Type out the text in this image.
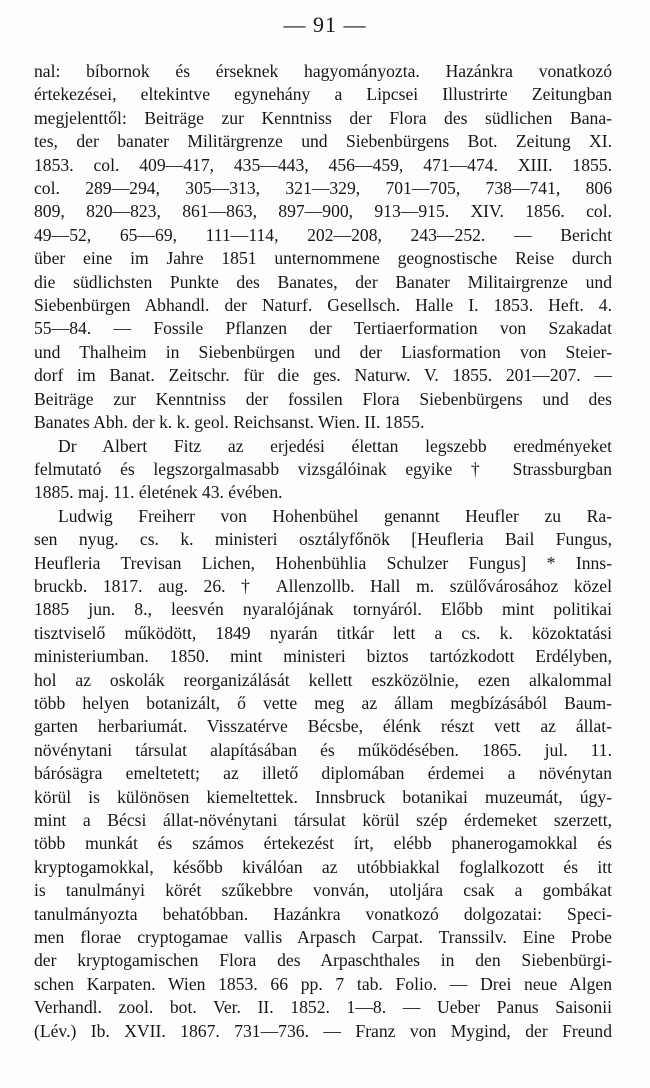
— 91 —
nal: bíbornok és érseknek hagyományozta. Hazánkra vonatkozó
értekezései, eltekintve egynehány a Lipcsei Illustrirte Zeitungban
megjelenttől: Beiträge zur Kenntniss der Flora des südlichen Bana-
tes, der banater Militärgrenze und Siebenbürgens Bot. Zeitung XI.
1853. col. 409—417, 435—443, 456—459, 471—474. XIII. 1855.
col. 289—294, 305—313, 321—329, 701—705, 738—741, 806
809, 820—823, 861—863, 897—900, 913—915. XIV. 1856. col.
49—52, 65—69, 111—114, 202—208, 243—252. — Bericht
über eine im Jahre 1851 unternommene geognostische Reise durch
die südlichsten Punkte des Banates, der Banater Militairgrenze und
Siebenbürgen Abhandl. der Naturf. Gesellsch. Halle I. 1853. Heft. 4.
55—84. — Fossile Pflanzen der Tertiaerformation von Szakadat
und Thalheim in Siebenbürgen und der Liasformation von Steier-
dorf im Banat. Zeitschr. für die ges. Naturw. V. 1855. 201—207. —
Beiträge zur Kenntniss der fossilen Flora Siebenbürgens und des
Banates Abh. der k. k. geol. Reichsanst. Wien. II. 1855.
Dr Albert Fitz az erjedési élettan legszebb eredményeket
felmutató és legszorgalmasabb vizsgálóinak egyike † Strassburgban
1885. maj. 11. életének 43. évében.
Ludwig Freiherr von Hohenbühel genannt Heufler zu Ra-
sen nyug. cs. k. ministeri osztályfőnök [Heufleria Bail Fungus,
Heufleria Trevisan Lichen, Hohenbühlia Schulzer Fungus] * Inns-
bruckb. 1817. aug. 26. † Allenzollb. Hall m. szülővárosához közel
1885 jun. 8., leesvén nyaralójának tornyáról. Előbb mint politikai
tisztviselő működött, 1849 nyarán titkár lett a cs. k. közoktatási
ministeriumban. 1850. mint ministeri biztos tartózkodott Erdélyben,
hol az oskolák reorganizálását kellett eszközölnie, ezen alkalommal
több helyen botanizált, ő vette meg az állam megbízásából Baum-
garten herbariumát. Visszatérve Bécsbe, élénk részt vett az állat-
növénytani társulat alapításában és működésében. 1865. jul. 11.
bárósägra emeltetett; az illető diplomában érdemei a növénytan
körül is különösen kiemeltettek. Innsbruck botanikai muzeumát, úgy-
mint a Bécsi állat-növénytani társulat körül szép érdemeket szerzett,
több munkát és számos értekezést írt, elébb phanerogamokkal és
kryptogamokkal, később kiválóan az utóbbiakkal foglalkozott és itt
is tanulmányi körét szűkebbre vonván, utoljára csak a gombákat
tanulmányozta behatóbban. Hazánkra vonatkozó dolgozatai: Speci-
men florae cryptogamae vallis Arpasch Carpat. Transsilv. Eine Probe
der kryptogamischen Flora des Arpaschthales in den Siebenbürgi-
schen Karpaten. Wien 1853. 66 pp. 7 tab. Folio. — Drei neue Algen
Verhandl. zool. bot. Ver. II. 1852. 1—8. — Ueber Panus Saisonii
(Lév.) Ib. XVII. 1867. 731—736. — Franz von Mygind, der Freund
